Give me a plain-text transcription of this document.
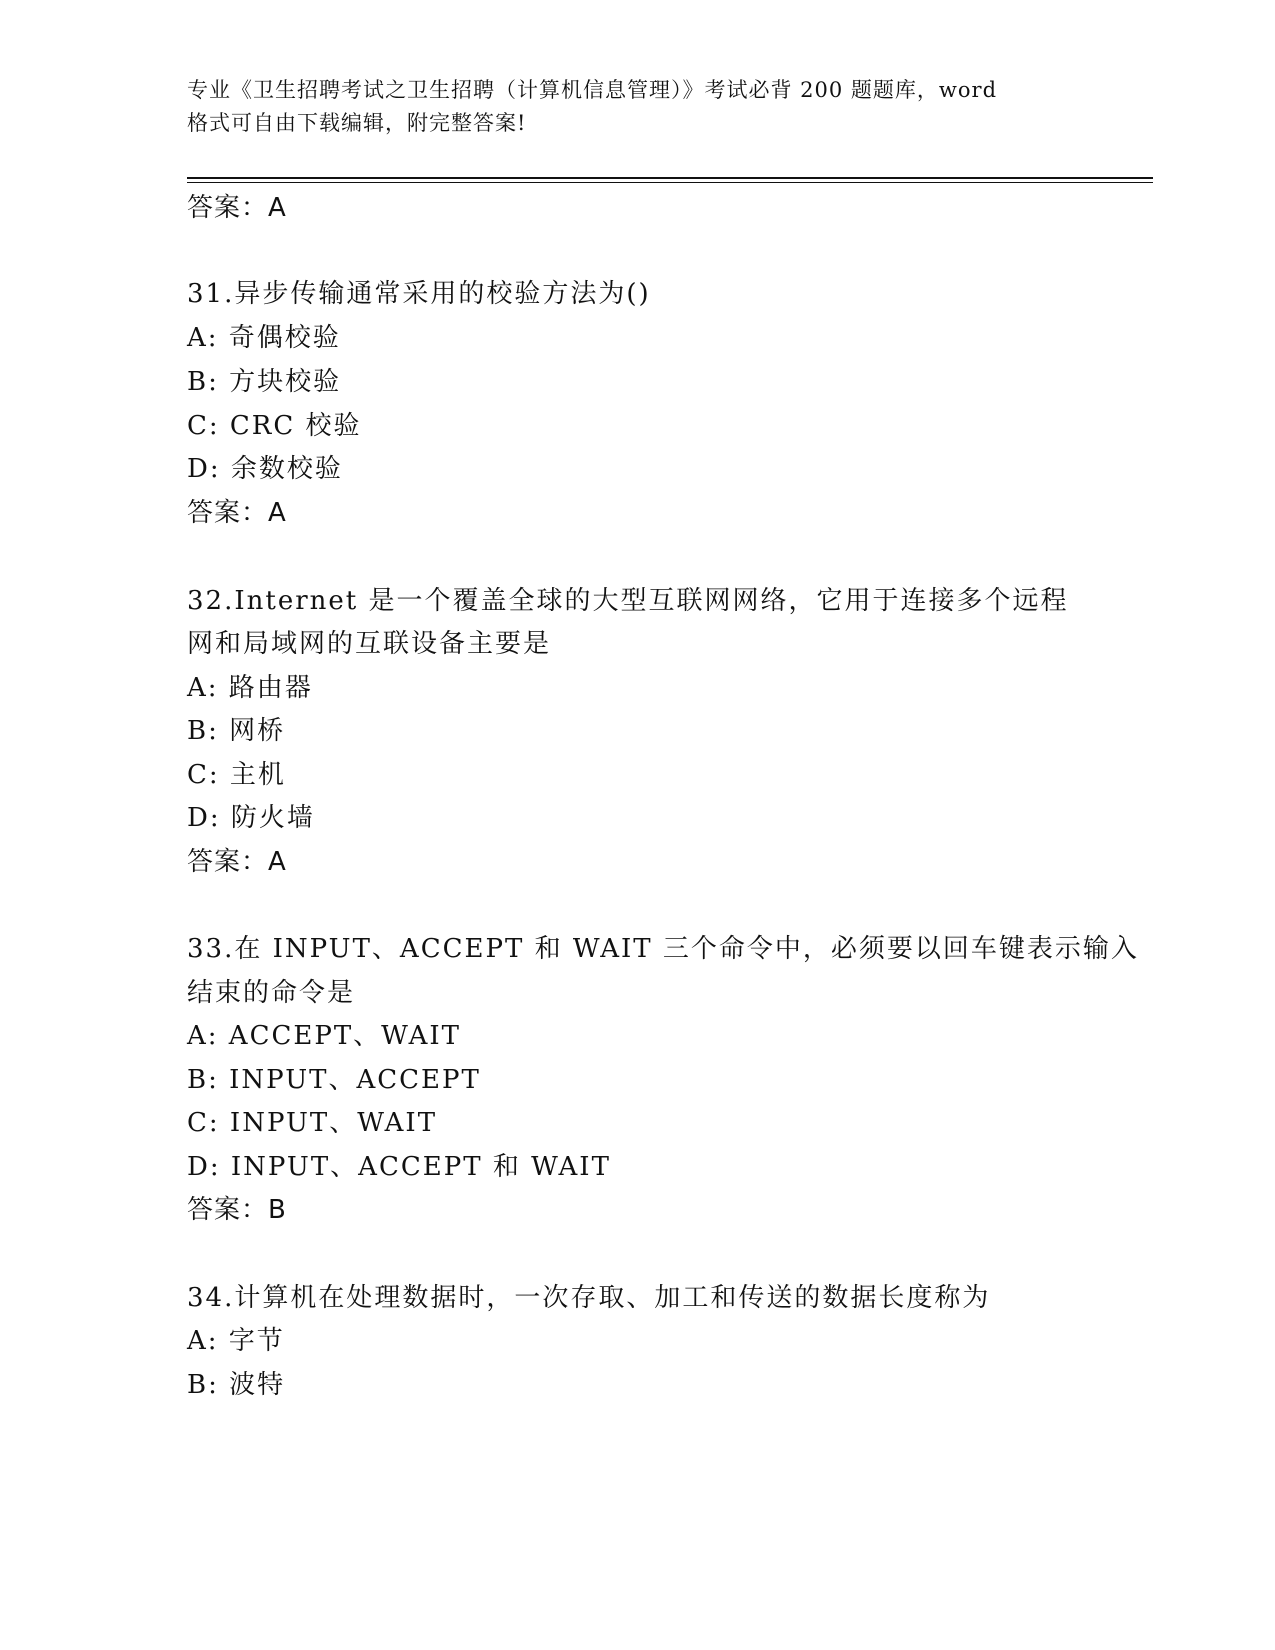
专业《卫生招聘考试之卫生招聘（计算机信息管理）》考试必背 200 题题库，word
格式可自由下载编辑，附完整答案!
答案：A
31.异步传输通常采用的校验方法为()
A: 奇偶校验
B: 方块校验
C: CRC 校验
D: 余数校验
答案：A
32.Internet 是一个覆盖全球的大型互联网网络，它用于连接多个远程
网和局域网的互联设备主要是
A: 路由器
B: 网桥
C: 主机
D: 防火墙
答案：A
33.在 INPUT、ACCEPT 和 WAIT 三个命令中，必须要以回车键表示输入
结束的命令是
A: ACCEPT、WAIT
B: INPUT、ACCEPT
C: INPUT、WAIT
D: INPUT、ACCEPT 和 WAIT
答案：B
34.计算机在处理数据时，一次存取、加工和传送的数据长度称为
A: 字节
B: 波特
